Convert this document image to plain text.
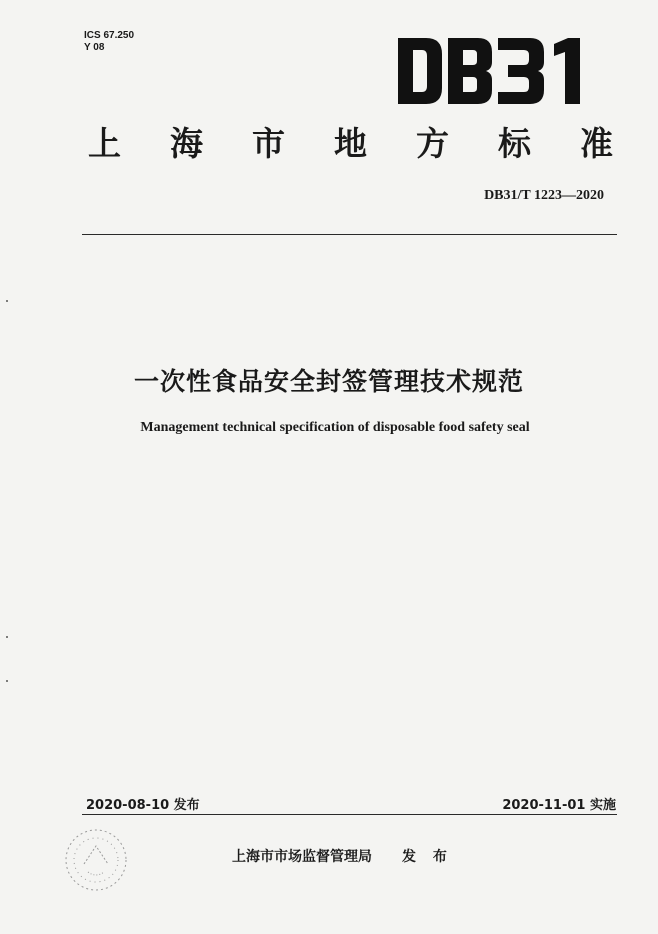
ICS 67.250
Y 08
上 海 市 地 方 标 准
DB31/T 1223—2020
一次性食品安全封签管理技术规范
Management technical specification of disposable food safety seal
2020-08-10 发布	2020-11-01 实施
上海市市场监督管理局 发 布
